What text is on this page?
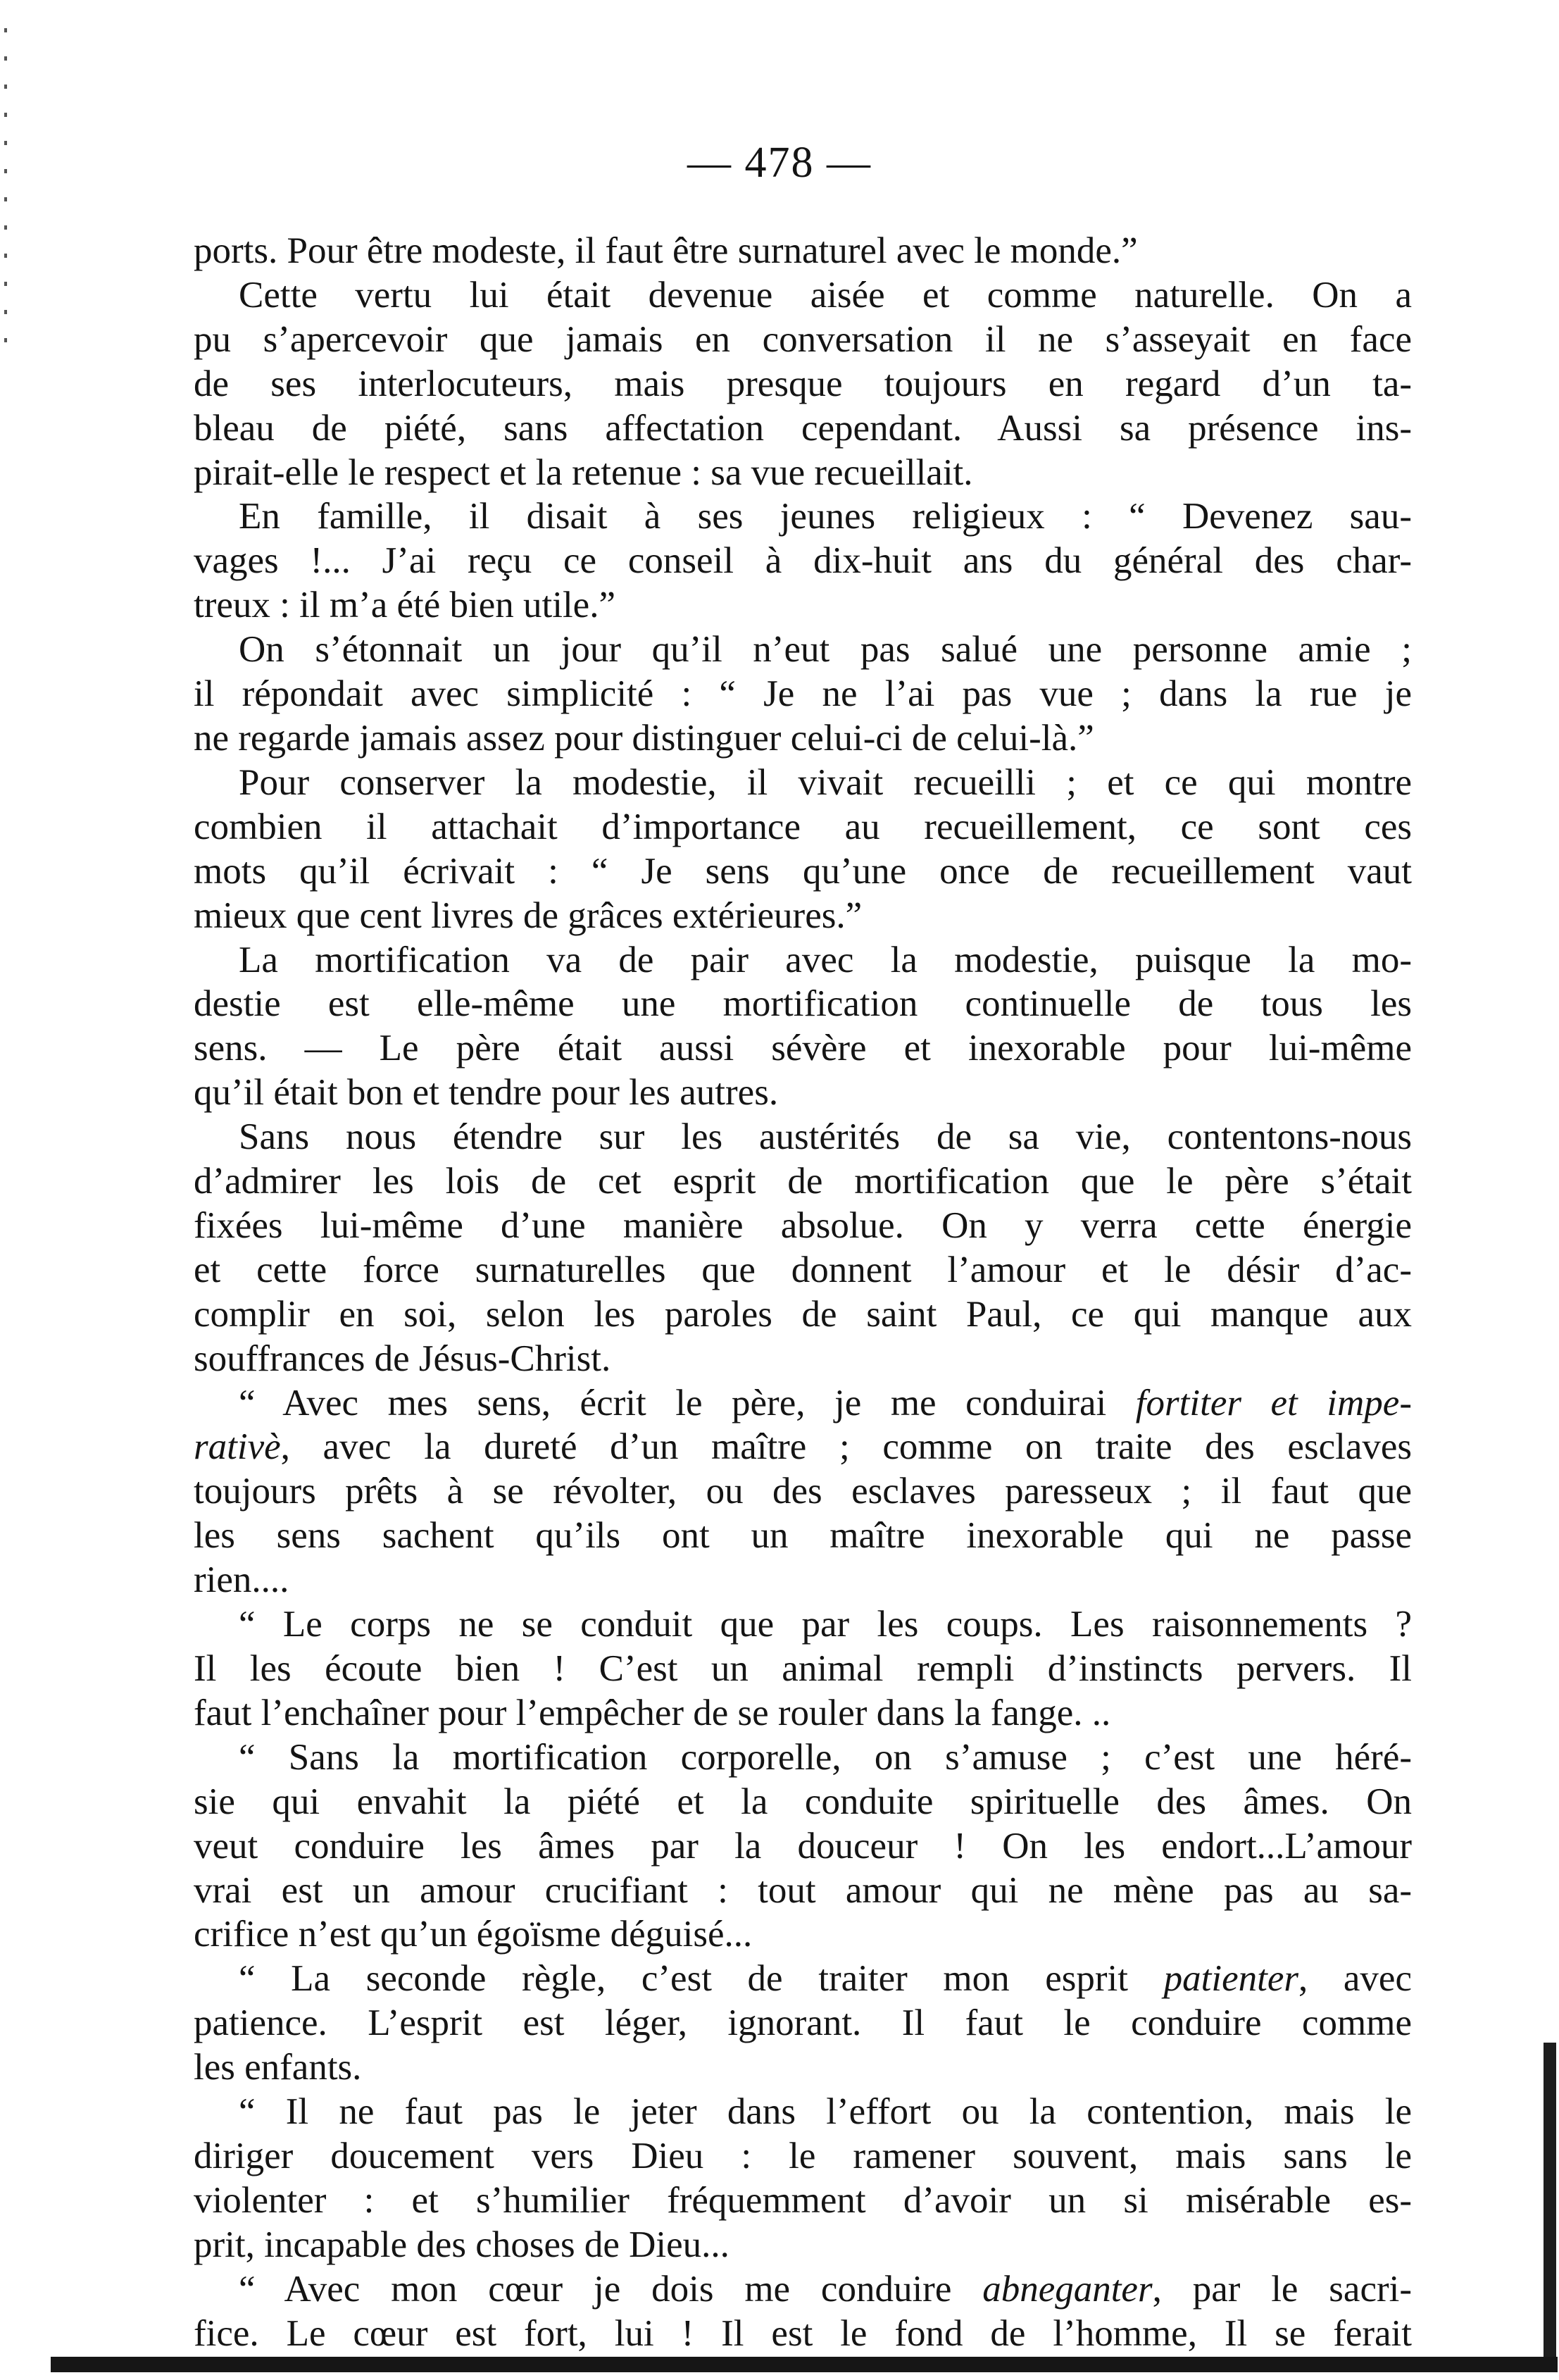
— 478 —
ports. Pour être modeste, il faut être surnaturel avec le monde.”
Cette vertu lui était devenue aisée et comme naturelle. On a
pu s’apercevoir que jamais en conversation il ne s’asseyait en face
de ses interlocuteurs, mais presque toujours en regard d’un ta-
bleau de piété, sans affectation cependant. Aussi sa présence ins-
pirait-elle le respect et la retenue : sa vue recueillait.
En famille, il disait à ses jeunes religieux : “ Devenez sau-
vages !... J’ai reçu ce conseil à dix-huit ans du général des char-
treux : il m’a été bien utile.”
On s’étonnait un jour qu’il n’eut pas salué une personne amie ;
il répondait avec simplicité : “ Je ne l’ai pas vue ; dans la rue je
ne regarde jamais assez pour distinguer celui-ci de celui-là.”
Pour conserver la modestie, il vivait recueilli ; et ce qui montre
combien il attachait d’importance au recueillement, ce sont ces
mots qu’il écrivait : “ Je sens qu’une once de recueillement vaut
mieux que cent livres de grâces extérieures.”
La mortification va de pair avec la modestie, puisque la mo-
destie est elle-même une mortification continuelle de tous les
sens. — Le père était aussi sévère et inexorable pour lui-même
qu’il était bon et tendre pour les autres.
Sans nous étendre sur les austérités de sa vie, contentons-nous
d’admirer les lois de cet esprit de mortification que le père s’était
fixées lui-même d’une manière absolue. On y verra cette énergie
et cette force surnaturelles que donnent l’amour et le désir d’ac-
complir en soi, selon les paroles de saint Paul, ce qui manque aux
souffrances de Jésus-Christ.
“ Avec mes sens, écrit le père, je me conduirai fortiter et impe-
rativè, avec la dureté d’un maître ; comme on traite des esclaves
toujours prêts à se révolter, ou des esclaves paresseux ; il faut que
les sens sachent qu’ils ont un maître inexorable qui ne passe
rien....
“ Le corps ne se conduit que par les coups. Les raisonnements ?
Il les écoute bien ! C’est un animal rempli d’instincts pervers. Il
faut l’enchaîner pour l’empêcher de se rouler dans la fange. ..
“ Sans la mortification corporelle, on s’amuse ; c’est une héré-
sie qui envahit la piété et la conduite spirituelle des âmes. On
veut conduire les âmes par la douceur ! On les endort...L’amour
vrai est un amour crucifiant : tout amour qui ne mène pas au sa-
crifice n’est qu’un égoïsme déguisé...
“ La seconde règle, c’est de traiter mon esprit patienter, avec
patience. L’esprit est léger, ignorant. Il faut le conduire comme
les enfants.
“ Il ne faut pas le jeter dans l’effort ou la contention, mais le
diriger doucement vers Dieu : le ramener souvent, mais sans le
violenter : et s’humilier fréquemment d’avoir un si misérable es-
prit, incapable des choses de Dieu...
“ Avec mon cœur je dois me conduire abneganter, par le sacri-
fice. Le cœur est fort, lui ! Il est le fond de l’homme, Il se ferait
